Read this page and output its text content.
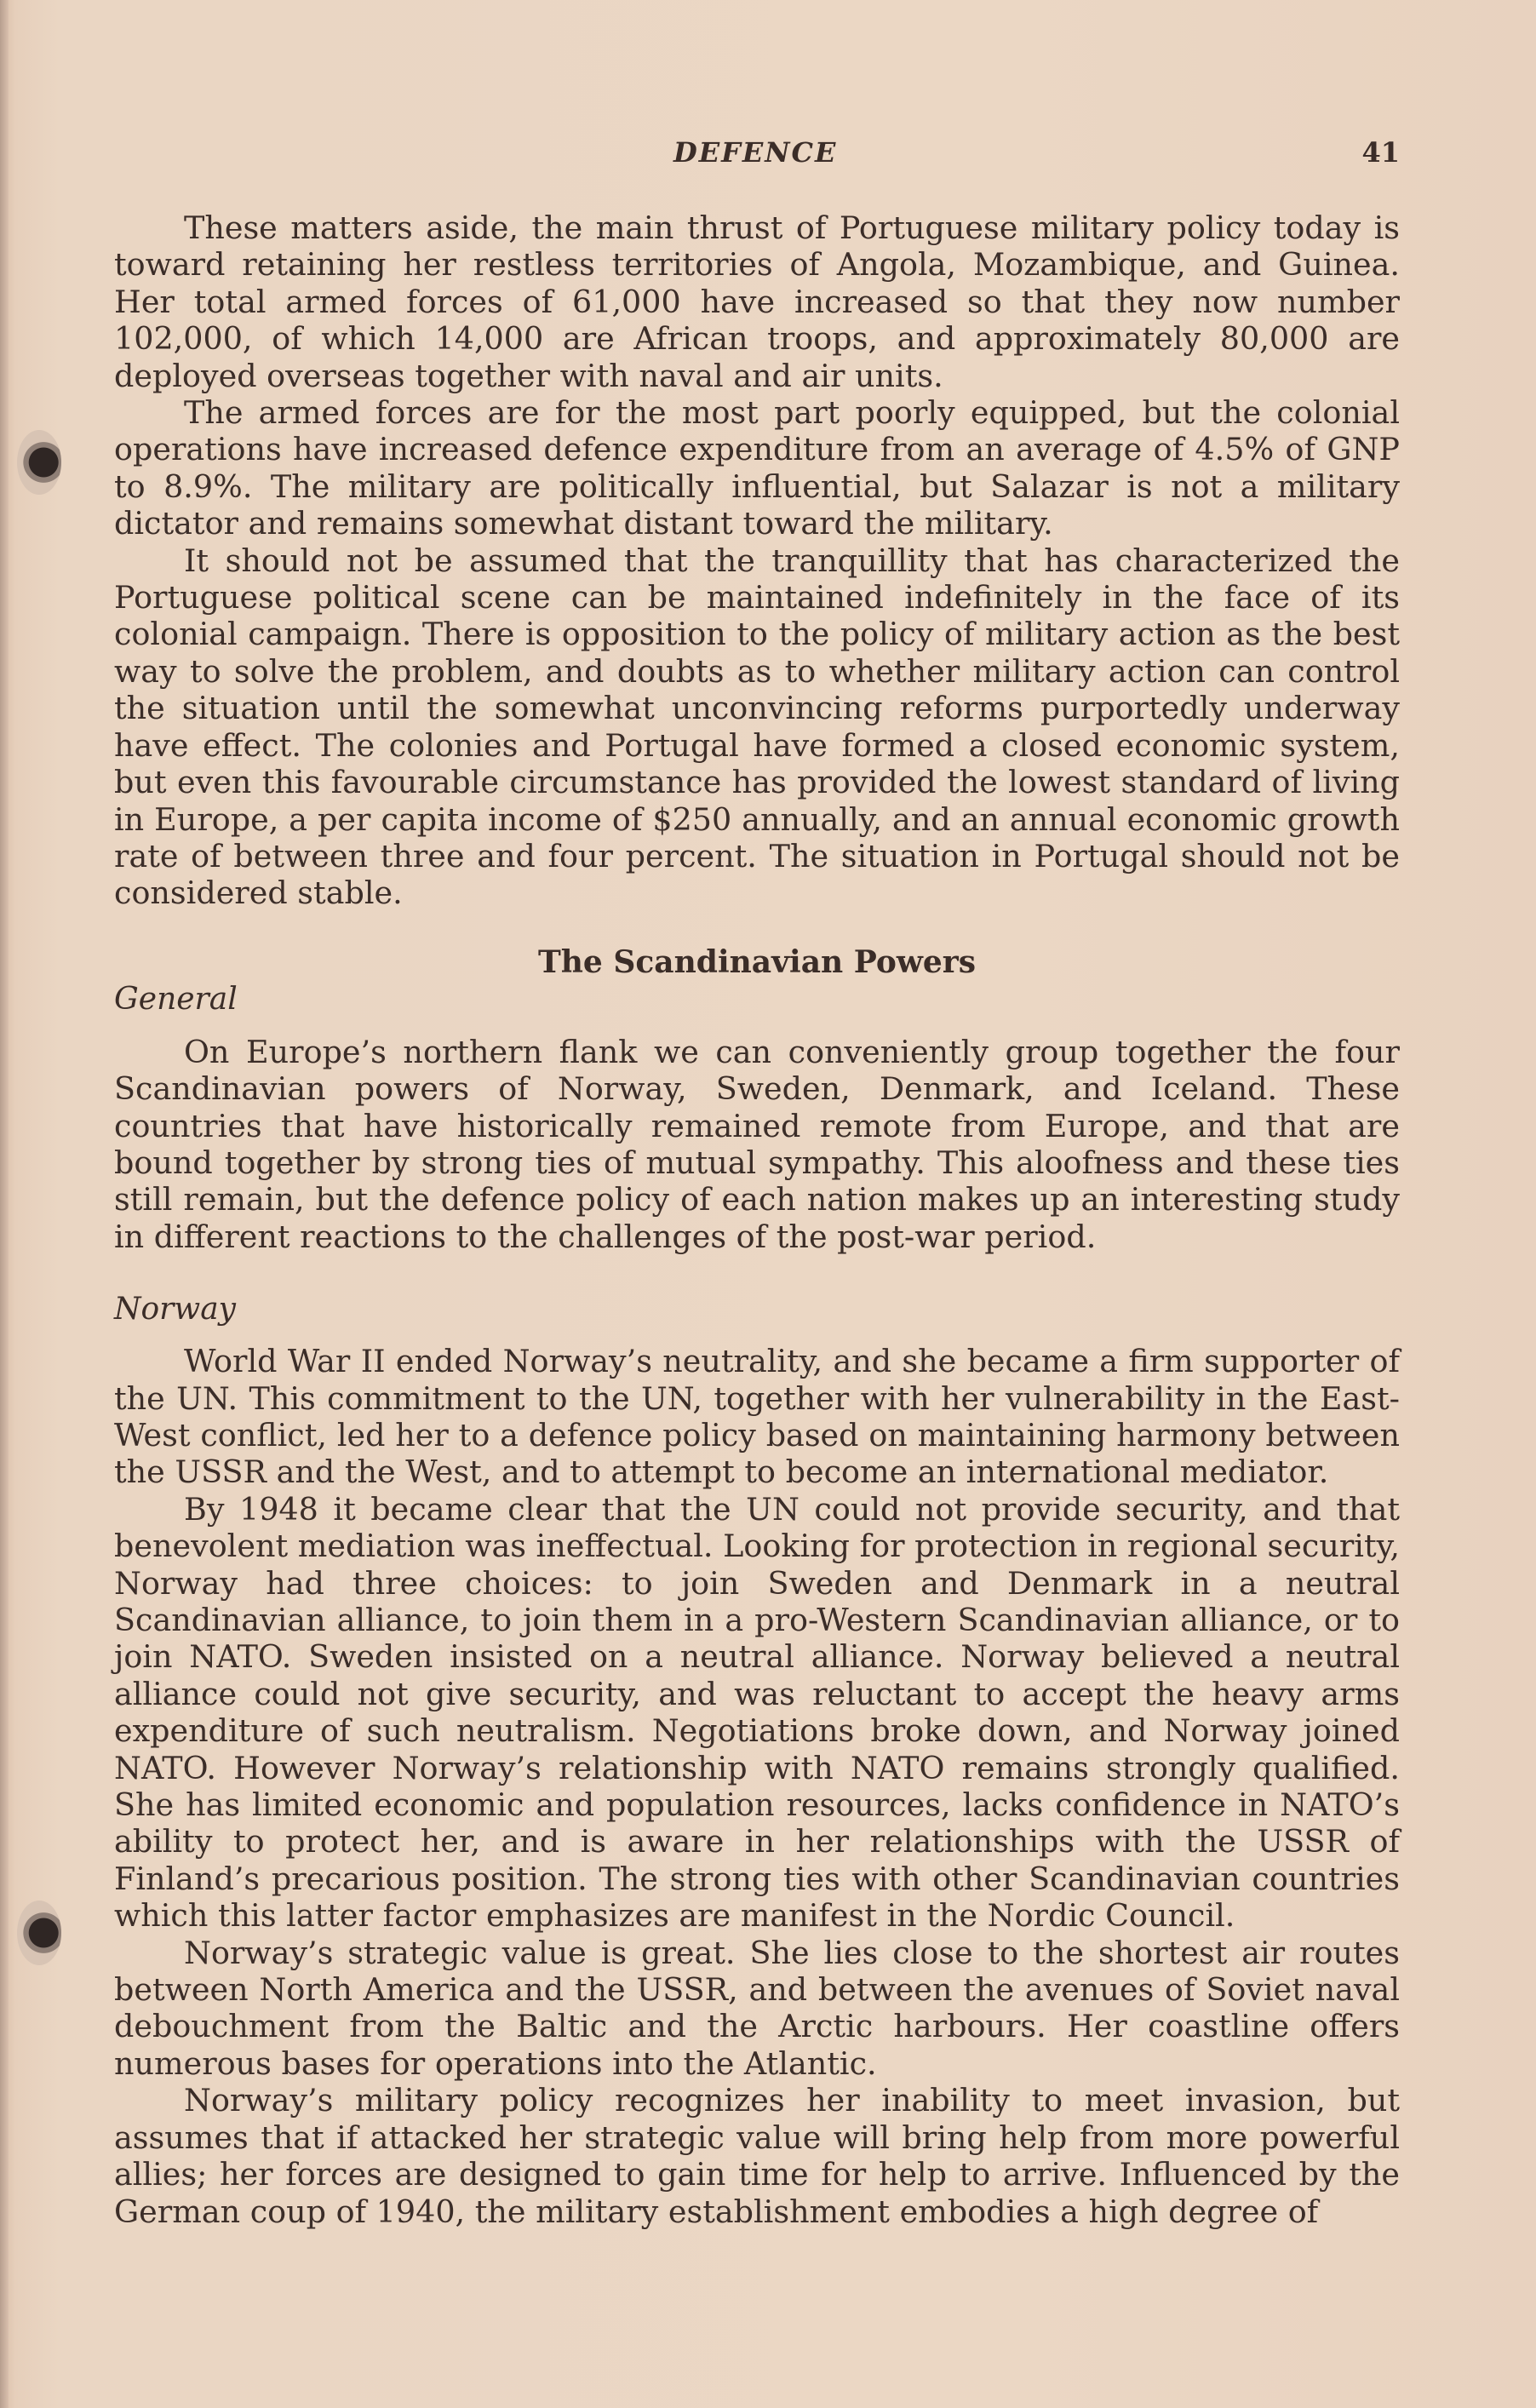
DEFENCE	41

These matters aside, the main thrust of Portuguese military policy today is toward retaining her restless territories of Angola, Mozambique, and Guinea. Her total armed forces of 61,000 have increased so that they now number 102,000, of which 14,000 are African troops, and approximately 80,000 are deployed overseas together with naval and air units.

The armed forces are for the most part poorly equipped, but the colonial operations have increased defence expenditure from an average of 4.5% of GNP to 8.9%. The military are politically influential, but Salazar is not a military dictator and remains somewhat distant toward the military.

It should not be assumed that the tranquillity that has characterized the Portuguese political scene can be maintained indefinitely in the face of its colonial campaign. There is opposition to the policy of military action as the best way to solve the problem, and doubts as to whether military action can control the situation until the somewhat unconvincing reforms purportedly underway have effect. The colonies and Portugal have formed a closed economic system, but even this favourable circumstance has provided the lowest standard of living in Europe, a per capita income of $250 annually, and an annual economic growth rate of between three and four percent. The situation in Portugal should not be considered stable.

The Scandinavian Powers
General

On Europe’s northern flank we can conveniently group together the four Scandinavian powers of Norway, Sweden, Denmark, and Iceland. These countries that have historically remained remote from Europe, and that are bound together by strong ties of mutual sympathy. This aloofness and these ties still remain, but the defence policy of each nation makes up an interesting study in different reactions to the challenges of the post-war period.

Norway

World War II ended Norway’s neutrality, and she became a firm supporter of the UN. This commitment to the UN, together with her vulnerability in the East-West conflict, led her to a defence policy based on maintaining harmony between the USSR and the West, and to attempt to become an international mediator.

By 1948 it became clear that the UN could not provide security, and that benevolent mediation was ineffectual. Looking for protection in regional security, Norway had three choices: to join Sweden and Denmark in a neutral Scandinavian alliance, to join them in a pro-Western Scandinavian alliance, or to join NATO. Sweden insisted on a neutral alliance. Norway believed a neutral alliance could not give security, and was reluctant to accept the heavy arms expenditure of such neutralism. Negotiations broke down, and Norway joined NATO. However Norway’s relationship with NATO remains strongly qualified. She has limited economic and population resources, lacks confidence in NATO’s ability to protect her, and is aware in her relationships with the USSR of Finland’s precarious position. The strong ties with other Scandinavian countries which this latter factor emphasizes are manifest in the Nordic Council.

Norway’s strategic value is great. She lies close to the shortest air routes between North America and the USSR, and between the avenues of Soviet naval debouchment from the Baltic and the Arctic harbours. Her coastline offers numerous bases for operations into the Atlantic.

Norway’s military policy recognizes her inability to meet invasion, but assumes that if attacked her strategic value will bring help from more powerful allies; her forces are designed to gain time for help to arrive. Influenced by the German coup of 1940, the military establishment embodies a high degree of
